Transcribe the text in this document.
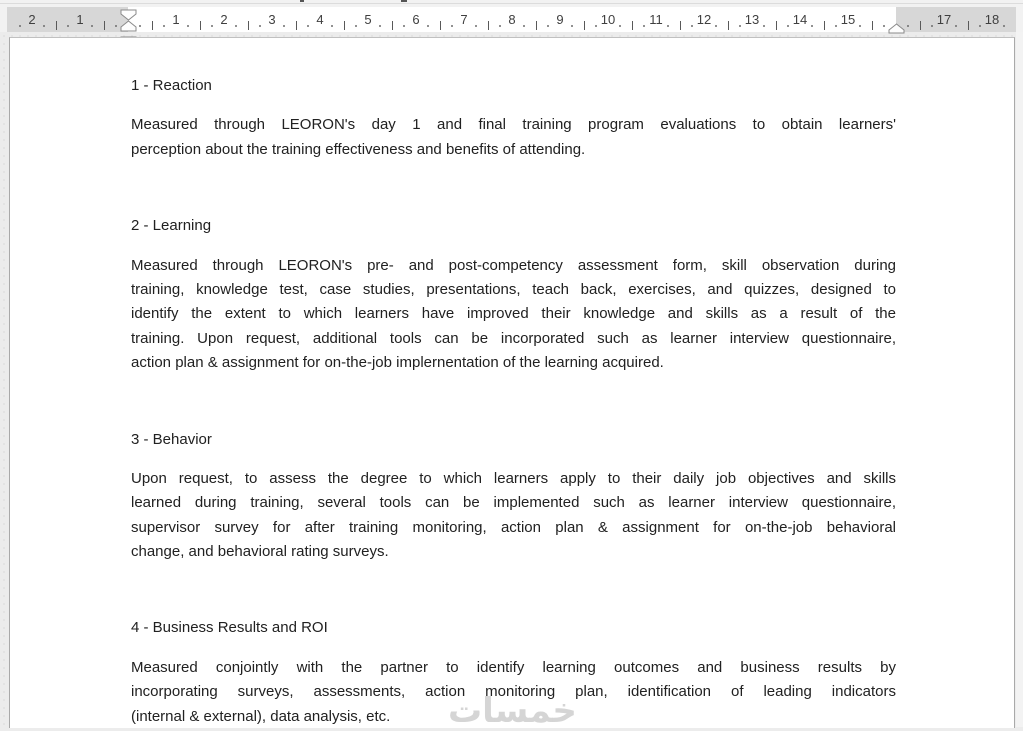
2	1	1	2	3	4	5	6	7	8	9	10	11	12	13	14	15	17	18
خمسات
1 - Reaction
Measured through LEORON's day 1 and final training program evaluations to obtain learners'
perception about the training effectiveness and benefits of attending.
2 - Learning
Measured through LEORON's pre- and post-competency assessment form, skill observation during
training, knowledge test, case studies, presentations, teach back, exercises, and quizzes, designed to
identify the extent to which learners have improved their knowledge and skills as a result of the
training. Upon request, additional tools can be incorporated such as learner interview questionnaire,
action plan & assignment for on-the-job implernentation of the learning acquired.
3 - Behavior
Upon request, to assess the degree to which learners apply to their daily job objectives and skills
learned during training, several tools can be implemented such as learner interview questionnaire,
supervisor survey for after training monitoring, action plan & assignment for on-the-job behavioral
change, and behavioral rating surveys.
4 - Business Results and ROI
Measured conjointly with the partner to identify learning outcomes and business results by
incorporating surveys, assessments, action monitoring plan, identification of leading indicators
(internal & external), data analysis, etc.
